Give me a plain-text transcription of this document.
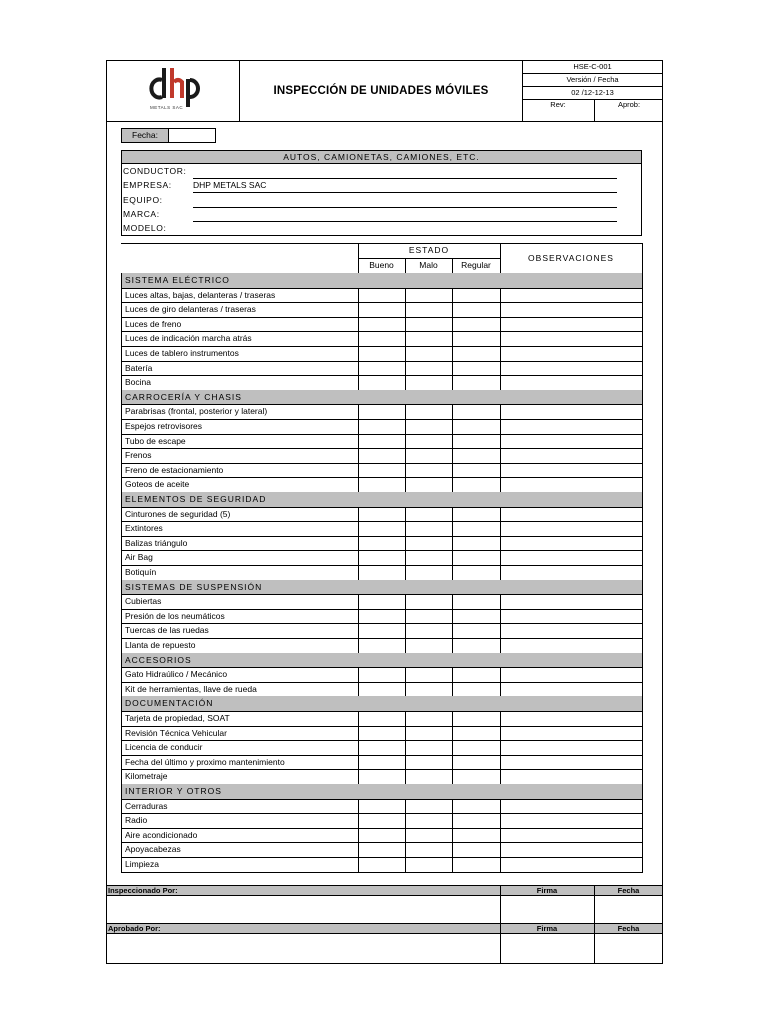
METALS SAC
INSPECCIÓN DE UNIDADES MÓVILES
HSE-C-001
Versión / Fecha
02 /12-12-13
Rev:	Aprob:
Fecha:
AUTOS, CAMIONETAS, CAMIONES, ETC.
CONDUCTOR:
EMPRESA:	DHP METALS SAC
EQUIPO:
MARCA:
MODELO:
ESTADO
Bueno	Malo	Regular
OBSERVACIONES
SISTEMA ELÉCTRICO
Luces altas, bajas, delanteras / traseras
Luces de giro delanteras / traseras
Luces de freno
Luces de indicación marcha atrás
Luces de tablero instrumentos
Batería
Bocina
CARROCERÍA Y CHASIS
Parabrisas (frontal, posterior y lateral)
Espejos retrovisores
Tubo de escape
Frenos
Freno de estacionamiento
Goteos de aceite
ELEMENTOS DE SEGURIDAD
Cinturones de seguridad (5)
Extintores
Balizas triángulo
Air Bag
Botiquín
SISTEMAS DE SUSPENSIÓN
Cubiertas
Presión de los neumáticos
Tuercas de las ruedas
Llanta de repuesto
ACCESORIOS
Gato Hidraúlico / Mecánico
Kit de herramientas, llave de rueda
DOCUMENTACIÓN
Tarjeta de propiedad, SOAT
Revisión Técnica Vehicular
Licencia de conducir
Fecha del último y proximo mantenimiento
Kilometraje
INTERIOR Y OTROS
Cerraduras
Radio
Aire acondicionado
Apoyacabezas
Limpieza
Inspeccionado Por:	Firma	Fecha
Aprobado Por:	Firma	Fecha
